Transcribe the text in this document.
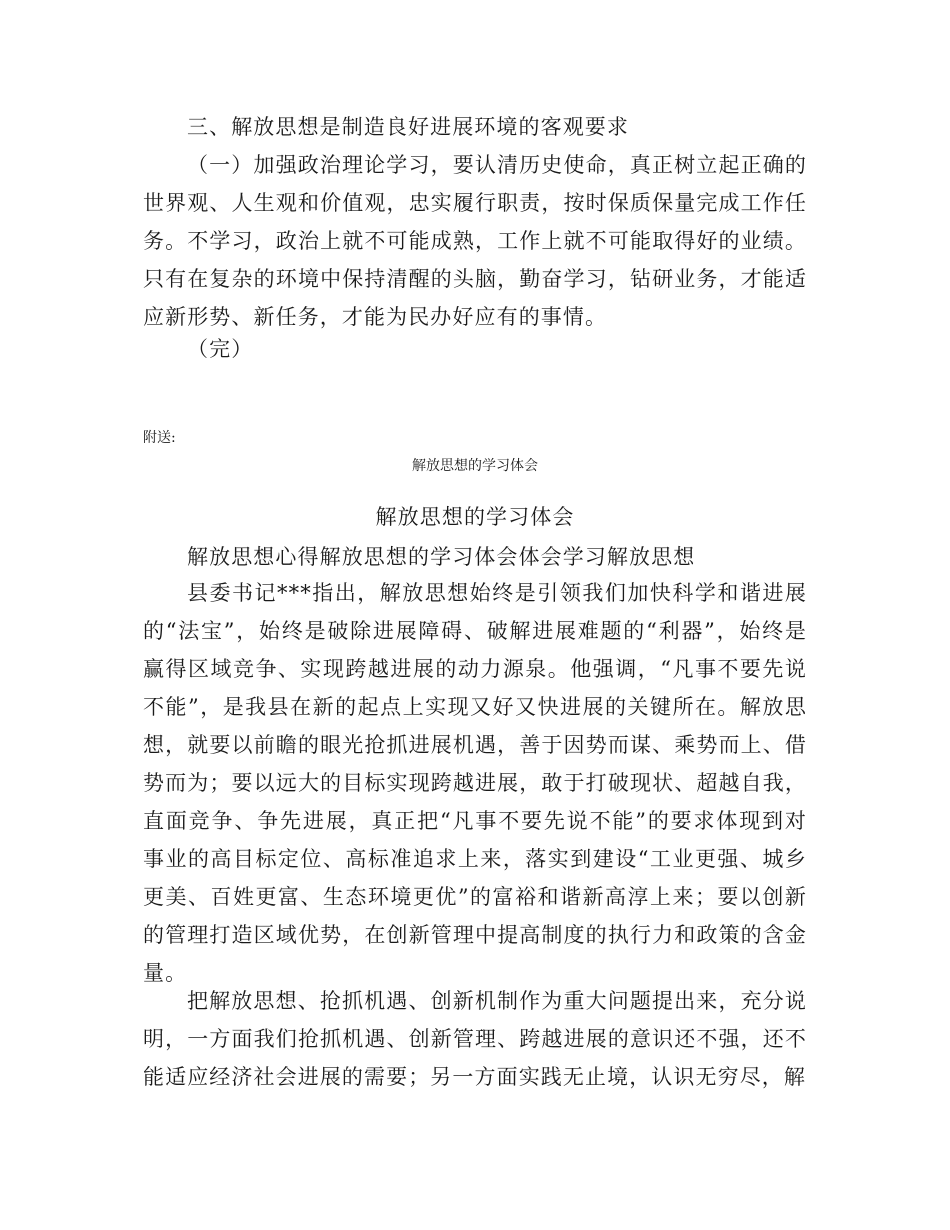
三、解放思想是制造良好进展环境的客观要求

（一）加强政治理论学习，要认清历史使命，真正树立起正确的世界观、人生观和价值观，忠实履行职责，按时保质保量完成工作任务。不学习，政治上就不可能成熟，工作上就不可能取得好的业绩。只有在复杂的环境中保持清醒的头脑，勤奋学习，钻研业务，才能适应新形势、新任务，才能为民办好应有的事情。

（完）

附送:

解放思想的学习体会

解放思想的学习体会

解放思想心得解放思想的学习体会体会学习解放思想

县委书记***指出，解放思想始终是引领我们加快科学和谐进展的“法宝”，始终是破除进展障碍、破解进展难题的“利器”，始终是赢得区域竞争、实现跨越进展的动力源泉。他强调，“凡事不要先说不能”，是我县在新的起点上实现又好又快进展的关键所在。解放思想，就要以前瞻的眼光抢抓进展机遇，善于因势而谋、乘势而上、借势而为；要以远大的目标实现跨越进展，敢于打破现状、超越自我，直面竞争、争先进展，真正把“凡事不要先说不能”的要求体现到对事业的高目标定位、高标准追求上来，落实到建设“工业更强、城乡更美、百姓更富、生态环境更优”的富裕和谐新高淳上来；要以创新的管理打造区域优势，在创新管理中提高制度的执行力和政策的含金量。

把解放思想、抢抓机遇、创新机制作为重大问题提出来，充分说明，一方面我们抢抓机遇、创新管理、跨越进展的意识还不强，还不能适应经济社会进展的需要；另一方面实践无止境，认识无穷尽，解
